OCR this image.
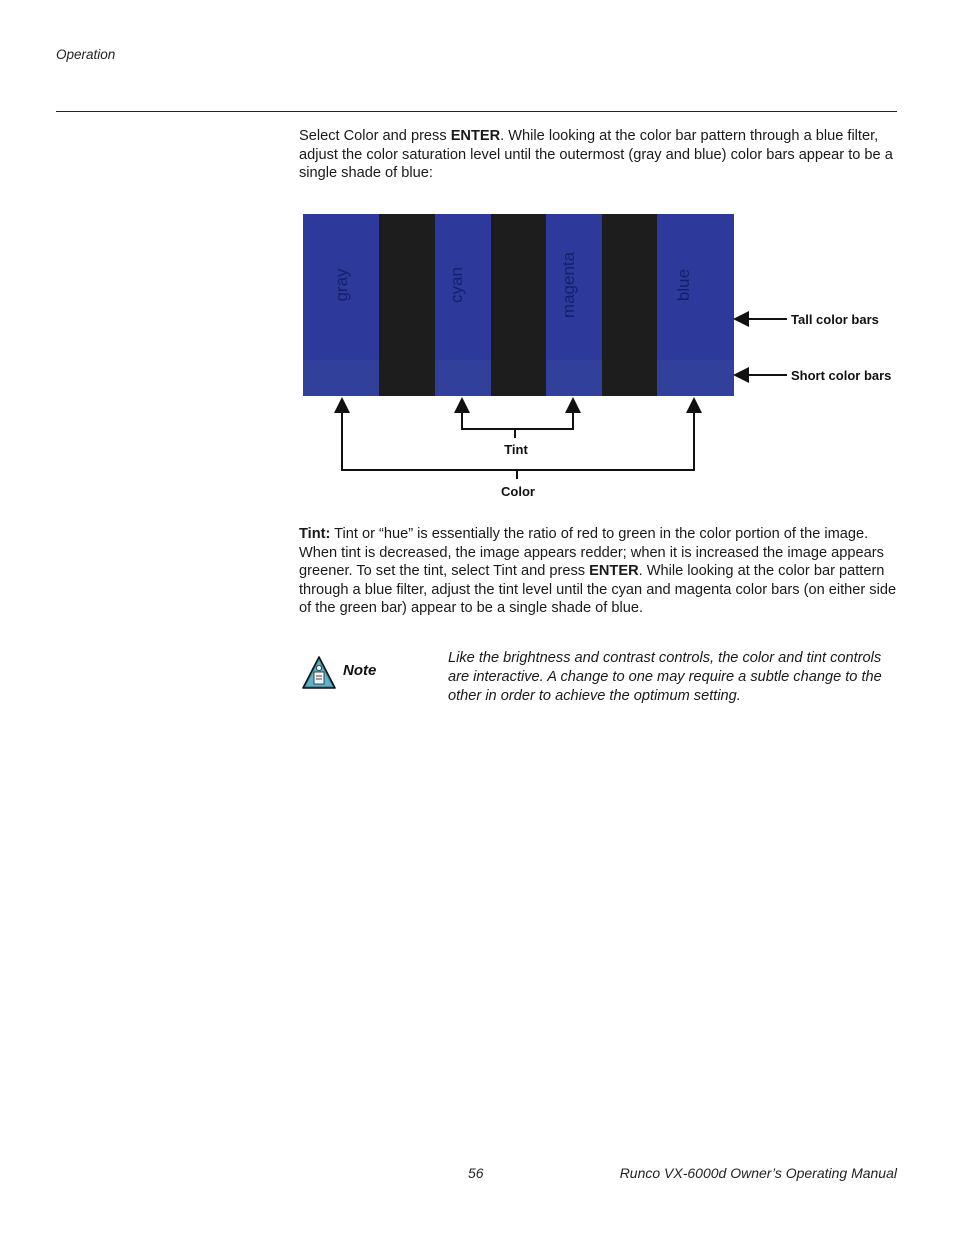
Operation

Select Color and press ENTER. While looking at the color bar pattern through a blue filter, adjust the color saturation level until the outermost (gray and blue) color bars appear to be a single shade of blue:

gray	cyan	magenta	blue
Tall color bars
Short color bars
Tint
Color

Tint: Tint or “hue” is essentially the ratio of red to green in the color portion of the image. When tint is decreased, the image appears redder; when it is increased the image appears greener. To set the tint, select Tint and press ENTER. While looking at the color bar pattern through a blue filter, adjust the tint level until the cyan and magenta color bars (on either side of the green bar) appear to be a single shade of blue.

Note

Like the brightness and contrast controls, the color and tint controls are interactive. A change to one may require a subtle change to the other in order to achieve the optimum setting.

56	Runco VX-6000d Owner’s Operating Manual
